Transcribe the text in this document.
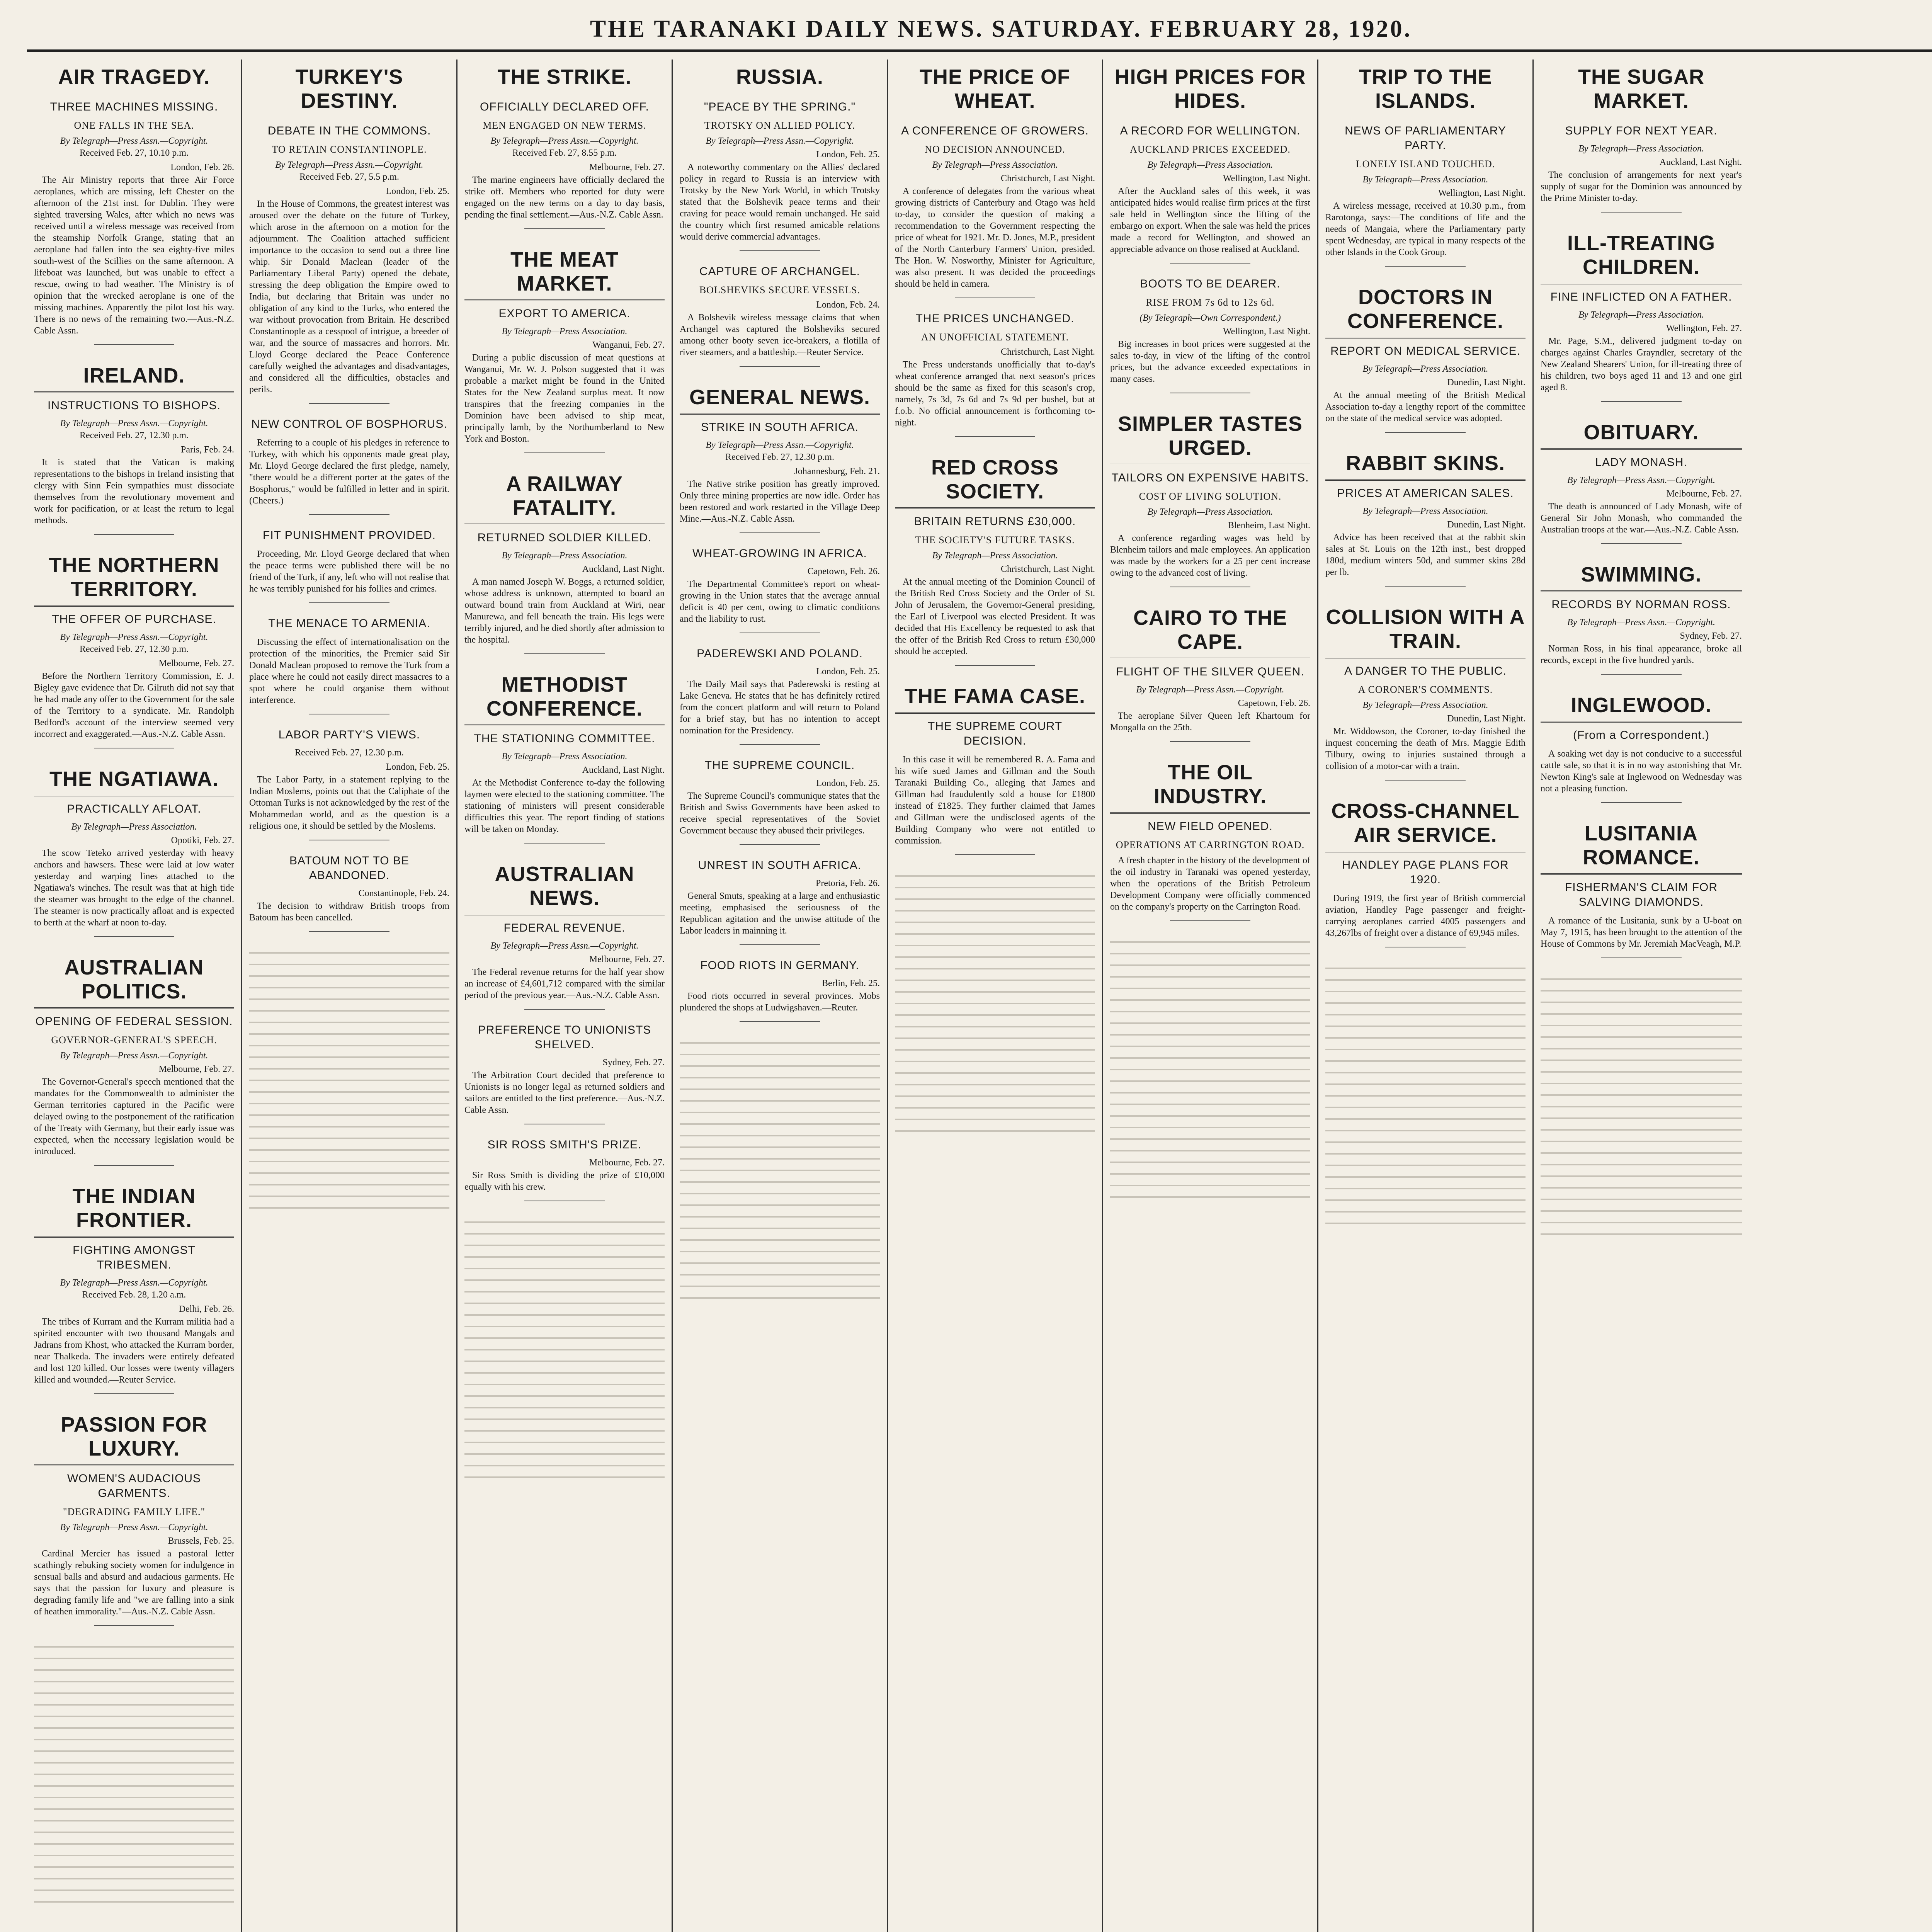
THE TARANAKI DAILY NEWS. SATURDAY. FEBRUARY 28, 1920.
AIR TRAGEDY.
THREE MACHINES MISSING.
ONE FALLS IN THE SEA.
By Telegraph—Press Assn.—Copyright.
Received Feb. 27, 10.10 p.m.
London, Feb. 26.

The Air Ministry reports that three Air Force aeroplanes, which are missing, left Chester on the afternoon of the 21st inst. for Dublin. They were sighted traversing Wales, after which no news was received until a wireless message was received from the steamship Norfolk Grange, stating that an aeroplane had fallen into the sea eighty-five miles south-west of the Scillies on the same afternoon. A lifeboat was launched, but was unable to effect a rescue, owing to bad weather. The Ministry is of opinion that the wrecked aeroplane is one of the missing machines. Apparently the pilot lost his way. There is no news of the remaining two.—Aus.-N.Z. Cable Assn.

IRELAND.
INSTRUCTIONS TO BISHOPS.
By Telegraph—Press Assn.—Copyright.
Received Feb. 27, 12.30 p.m.
Paris, Feb. 24.

It is stated that the Vatican is making representations to the bishops in Ireland insisting that clergy with Sinn Fein sympathies must dissociate themselves from the revolutionary movement and work for pacification, or at least the return to legal methods.

THE NORTHERN TERRITORY.
THE OFFER OF PURCHASE.
By Telegraph—Press Assn.—Copyright.
Received Feb. 27, 12.30 p.m.
Melbourne, Feb. 27.

Before the Northern Territory Commission, E. J. Bigley gave evidence that Dr. Gilruth did not say that he had made any offer to the Government for the sale of the Territory to a syndicate. Mr. Randolph Bedford's account of the interview seemed very incorrect and exaggerated.—Aus.-N.Z. Cable Assn.

THE NGATIAWA.
PRACTICALLY AFLOAT.
By Telegraph—Press Association.
Opotiki, Feb. 27.

The scow Teteko arrived yesterday with heavy anchors and hawsers. These were laid at low water yesterday and warping lines attached to the Ngatiawa's winches. The result was that at high tide the steamer was brought to the edge of the channel. The steamer is now practically afloat and is expected to berth at the wharf at noon to-day.

AUSTRALIAN POLITICS.
OPENING OF FEDERAL SESSION.
GOVERNOR-GENERAL'S SPEECH.
By Telegraph—Press Assn.—Copyright.
Melbourne, Feb. 27.

The Governor-General's speech mentioned that the mandates for the Commonwealth to administer the German territories captured in the Pacific were delayed owing to the postponement of the ratification of the Treaty with Germany, but their early issue was expected, when the necessary legislation would be introduced.

THE INDIAN FRONTIER.
FIGHTING AMONGST TRIBESMEN.
By Telegraph—Press Assn.—Copyright.
Received Feb. 28, 1.20 a.m.
Delhi, Feb. 26.

The tribes of Kurram and the Kurram militia had a spirited encounter with two thousand Mangals and Jadrans from Khost, who attacked the Kurram border, near Thalkeda. The invaders were entirely defeated and lost 120 killed. Our losses were twenty villagers killed and wounded.—Reuter Service.

PASSION FOR LUXURY.
WOMEN'S AUDACIOUS GARMENTS.
"DEGRADING FAMILY LIFE."
By Telegraph—Press Assn.—Copyright.
Brussels, Feb. 25.

Cardinal Mercier has issued a pastoral letter scathingly rebuking society women for indulgence in sensual balls and absurd and audacious garments. He says that the passion for luxury and pleasure is degrading family life and "we are falling into a sink of heathen immorality."—Aus.-N.Z. Cable Assn.

TURKEY'S DESTINY.
DEBATE IN THE COMMONS.
TO RETAIN CONSTANTINOPLE.
By Telegraph—Press Assn.—Copyright.
Received Feb. 27, 5.5 p.m.
London, Feb. 25.

In the House of Commons, the greatest interest was aroused over the debate on the future of Turkey, which arose in the afternoon on a motion for the adjournment. The Coalition attached sufficient importance to the occasion to send out a three line whip. Sir Donald Maclean (leader of the Parliamentary Liberal Party) opened the debate, stressing the deep obligation the Empire owed to India, but declaring that Britain was under no obligation of any kind to the Turks, who entered the war without provocation from Britain. He described Constantinople as a cesspool of intrigue, a breeder of war, and the source of massacres and horrors. Mr. Lloyd George declared the Peace Conference carefully weighed the advantages and disadvantages, and considered all the difficulties, obstacles and perils.

NEW CONTROL OF BOSPHORUS.

Referring to a couple of his pledges in reference to Turkey, with which his opponents made great play, Mr. Lloyd George declared the first pledge, namely, "there would be a different porter at the gates of the Bosphorus," would be fulfilled in letter and in spirit. (Cheers.)

FIT PUNISHMENT PROVIDED.

Proceeding, Mr. Lloyd George declared that when the peace terms were published there will be no friend of the Turk, if any, left who will not realise that he was terribly punished for his follies and crimes.

THE MENACE TO ARMENIA.

Discussing the effect of internationalisation on the protection of the minorities, the Premier said Sir Donald Maclean proposed to remove the Turk from a place where he could not easily direct massacres to a spot where he could organise them without interference.

LABOR PARTY'S VIEWS.
Received Feb. 27, 12.30 p.m.
London, Feb. 25.

The Labor Party, in a statement replying to the Indian Moslems, points out that the Caliphate of the Ottoman Turks is not acknowledged by the rest of the Mohammedan world, and as the question is a religious one, it should be settled by the Moslems.

BATOUM NOT TO BE ABANDONED.
Constantinople, Feb. 24.

The decision to withdraw British troops from Batoum has been cancelled.

THE STRIKE.
OFFICIALLY DECLARED OFF.
MEN ENGAGED ON NEW TERMS.
By Telegraph—Press Assn.—Copyright.
Received Feb. 27, 8.55 p.m.
Melbourne, Feb. 27.

The marine engineers have officially declared the strike off. Members who reported for duty were engaged on the new terms on a day to day basis, pending the final settlement.—Aus.-N.Z. Cable Assn.

THE MEAT MARKET.
EXPORT TO AMERICA.
By Telegraph—Press Association.
Wanganui, Feb. 27.

During a public discussion of meat questions at Wanganui, Mr. W. J. Polson suggested that it was probable a market might be found in the United States for the New Zealand surplus meat. It now transpires that the freezing companies in the Dominion have been advised to ship meat, principally lamb, by the Northumberland to New York and Boston.

A RAILWAY FATALITY.
RETURNED SOLDIER KILLED.
By Telegraph—Press Association.
Auckland, Last Night.

A man named Joseph W. Boggs, a returned soldier, whose address is unknown, attempted to board an outward bound train from Auckland at Wiri, near Manurewa, and fell beneath the train. His legs were terribly injured, and he died shortly after admission to the hospital.

METHODIST CONFERENCE.
THE STATIONING COMMITTEE.
By Telegraph—Press Association.
Auckland, Last Night.

At the Methodist Conference to-day the following laymen were elected to the stationing committee. The stationing of ministers will present considerable difficulties this year. The report finding of stations will be taken on Monday.

AUSTRALIAN NEWS.
FEDERAL REVENUE.
By Telegraph—Press Assn.—Copyright.
Melbourne, Feb. 27.

The Federal revenue returns for the half year show an increase of £4,601,712 compared with the similar period of the previous year.—Aus.-N.Z. Cable Assn.

PREFERENCE TO UNIONISTS SHELVED.
Sydney, Feb. 27.

The Arbitration Court decided that preference to Unionists is no longer legal as returned soldiers and sailors are entitled to the first preference.—Aus.-N.Z. Cable Assn.

SIR ROSS SMITH'S PRIZE.
Melbourne, Feb. 27.

Sir Ross Smith is dividing the prize of £10,000 equally with his crew.

RUSSIA.
"PEACE BY THE SPRING."
TROTSKY ON ALLIED POLICY.
By Telegraph—Press Assn.—Copyright.
London, Feb. 25.

A noteworthy commentary on the Allies' declared policy in regard to Russia is an interview with Trotsky by the New York World, in which Trotsky stated that the Bolshevik peace terms and their craving for peace would remain unchanged. He said the country which first resumed amicable relations would derive commercial advantages.

CAPTURE OF ARCHANGEL.
BOLSHEVIKS SECURE VESSELS.
London, Feb. 24.

A Bolshevik wireless message claims that when Archangel was captured the Bolsheviks secured among other booty seven ice-breakers, a flotilla of river steamers, and a battleship.—Reuter Service.

GENERAL NEWS.
STRIKE IN SOUTH AFRICA.
By Telegraph—Press Assn.—Copyright.
Received Feb. 27, 12.30 p.m.
Johannesburg, Feb. 21.

The Native strike position has greatly improved. Only three mining properties are now idle. Order has been restored and work restarted in the Village Deep Mine.—Aus.-N.Z. Cable Assn.

WHEAT-GROWING IN AFRICA.
Capetown, Feb. 26.

The Departmental Committee's report on wheat-growing in the Union states that the average annual deficit is 40 per cent, owing to climatic conditions and the liability to rust.

PADEREWSKI AND POLAND.
London, Feb. 25.

The Daily Mail says that Paderewski is resting at Lake Geneva. He states that he has definitely retired from the concert platform and will return to Poland for a brief stay, but has no intention to accept nomination for the Presidency.

THE SUPREME COUNCIL.
London, Feb. 25.

The Supreme Council's communique states that the British and Swiss Governments have been asked to receive special representatives of the Soviet Government because they abused their privileges.

UNREST IN SOUTH AFRICA.
Pretoria, Feb. 26.

General Smuts, speaking at a large and enthusiastic meeting, emphasised the seriousness of the Republican agitation and the unwise attitude of the Labor leaders in mainning it.

FOOD RIOTS IN GERMANY.
Berlin, Feb. 25.

Food riots occurred in several provinces. Mobs plundered the shops at Ludwigshaven.—Reuter.

THE PRICE OF WHEAT.
A CONFERENCE OF GROWERS.
NO DECISION ANNOUNCED.
By Telegraph—Press Association.
Christchurch, Last Night.

A conference of delegates from the various wheat growing districts of Canterbury and Otago was held to-day, to consider the question of making a recommendation to the Government respecting the price of wheat for 1921. Mr. D. Jones, M.P., president of the North Canterbury Farmers' Union, presided. The Hon. W. Nosworthy, Minister for Agriculture, was also present. It was decided the proceedings should be held in camera.

THE PRICES UNCHANGED.
AN UNOFFICIAL STATEMENT.
Christchurch, Last Night.

The Press understands unofficially that to-day's wheat conference arranged that next season's prices should be the same as fixed for this season's crop, namely, 7s 3d, 7s 6d and 7s 9d per bushel, but at f.o.b. No official announcement is forthcoming to-night.

RED CROSS SOCIETY.
BRITAIN RETURNS £30,000.
THE SOCIETY'S FUTURE TASKS.
By Telegraph—Press Association.
Christchurch, Last Night.

At the annual meeting of the Dominion Council of the British Red Cross Society and the Order of St. John of Jerusalem, the Governor-General presiding, the Earl of Liverpool was elected President. It was decided that His Excellency be requested to ask that the offer of the British Red Cross to return £30,000 should be accepted.

THE FAMA CASE.
THE SUPREME COURT DECISION.

In this case it will be remembered R. A. Fama and his wife sued James and Gillman and the South Taranaki Building Co., alleging that James and Gillman had fraudulently sold a house for £1800 instead of £1825. They further claimed that James and Gillman were the undisclosed agents of the Building Company who were not entitled to commission.

HIGH PRICES FOR HIDES.
A RECORD FOR WELLINGTON.
AUCKLAND PRICES EXCEEDED.
By Telegraph—Press Association.
Wellington, Last Night.

After the Auckland sales of this week, it was anticipated hides would realise firm prices at the first sale held in Wellington since the lifting of the embargo on export. When the sale was held the prices made a record for Wellington, and showed an appreciable advance on those realised at Auckland.

BOOTS TO BE DEARER.
RISE FROM 7s 6d to 12s 6d.
(By Telegraph—Own Correspondent.)
Wellington, Last Night.

Big increases in boot prices were suggested at the sales to-day, in view of the lifting of the control prices, but the advance exceeded expectations in many cases.

SIMPLER TASTES URGED.
TAILORS ON EXPENSIVE HABITS.
COST OF LIVING SOLUTION.
By Telegraph—Press Association.
Blenheim, Last Night.

A conference regarding wages was held by Blenheim tailors and male employees. An application was made by the workers for a 25 per cent increase owing to the advanced cost of living.

CAIRO TO THE CAPE.
FLIGHT OF THE SILVER QUEEN.
By Telegraph—Press Assn.—Copyright.
Capetown, Feb. 26.

The aeroplane Silver Queen left Khartoum for Mongalla on the 25th.

THE OIL INDUSTRY.
NEW FIELD OPENED.
OPERATIONS AT CARRINGTON ROAD.

A fresh chapter in the history of the development of the oil industry in Taranaki was opened yesterday, when the operations of the British Petroleum Development Company were officially commenced on the company's property on the Carrington Road.

TRIP TO THE ISLANDS.
NEWS OF PARLIAMENTARY PARTY.
LONELY ISLAND TOUCHED.
By Telegraph—Press Association.
Wellington, Last Night.

A wireless message, received at 10.30 p.m., from Rarotonga, says:—The conditions of life and the needs of Mangaia, where the Parliamentary party spent Wednesday, are typical in many respects of the other Islands in the Cook Group.

DOCTORS IN CONFERENCE.
REPORT ON MEDICAL SERVICE.
By Telegraph—Press Association.
Dunedin, Last Night.

At the annual meeting of the British Medical Association to-day a lengthy report of the committee on the state of the medical service was adopted.

RABBIT SKINS.
PRICES AT AMERICAN SALES.
By Telegraph—Press Association.
Dunedin, Last Night.

Advice has been received that at the rabbit skin sales at St. Louis on the 12th inst., best dropped 180d, medium winters 50d, and summer skins 28d per lb.

COLLISION WITH A TRAIN.
A DANGER TO THE PUBLIC.
A CORONER'S COMMENTS.
By Telegraph—Press Association.
Dunedin, Last Night.

Mr. Widdowson, the Coroner, to-day finished the inquest concerning the death of Mrs. Maggie Edith Tilbury, owing to injuries sustained through a collision of a motor-car with a train.

CROSS-CHANNEL AIR SERVICE.
HANDLEY PAGE PLANS FOR 1920.

During 1919, the first year of British commercial aviation, Handley Page passenger and freight-carrying aeroplanes carried 4005 passengers and 43,267lbs of freight over a distance of 69,945 miles.

THE SUGAR MARKET.
SUPPLY FOR NEXT YEAR.
By Telegraph—Press Association.
Auckland, Last Night.

The conclusion of arrangements for next year's supply of sugar for the Dominion was announced by the Prime Minister to-day.

ILL-TREATING CHILDREN.
FINE INFLICTED ON A FATHER.
By Telegraph—Press Association.
Wellington, Feb. 27.

Mr. Page, S.M., delivered judgment to-day on charges against Charles Grayndler, secretary of the New Zealand Shearers' Union, for ill-treating three of his children, two boys aged 11 and 13 and one girl aged 8.

OBITUARY.
LADY MONASH.
By Telegraph—Press Assn.—Copyright.
Melbourne, Feb. 27.

The death is announced of Lady Monash, wife of General Sir John Monash, who commanded the Australian troops at the war.—Aus.-N.Z. Cable Assn.

SWIMMING.
RECORDS BY NORMAN ROSS.
By Telegraph—Press Assn.—Copyright.
Sydney, Feb. 27.

Norman Ross, in his final appearance, broke all records, except in the five hundred yards.

INGLEWOOD.
(From a Correspondent.)

A soaking wet day is not conducive to a successful cattle sale, so that it is in no way astonishing that Mr. Newton King's sale at Inglewood on Wednesday was not a pleasing function.

LUSITANIA ROMANCE.
FISHERMAN'S CLAIM FOR SALVING DIAMONDS.

A romance of the Lusitania, sunk by a U-boat on May 7, 1915, has been brought to the attention of the House of Commons by Mr. Jeremiah MacVeagh, M.P.
